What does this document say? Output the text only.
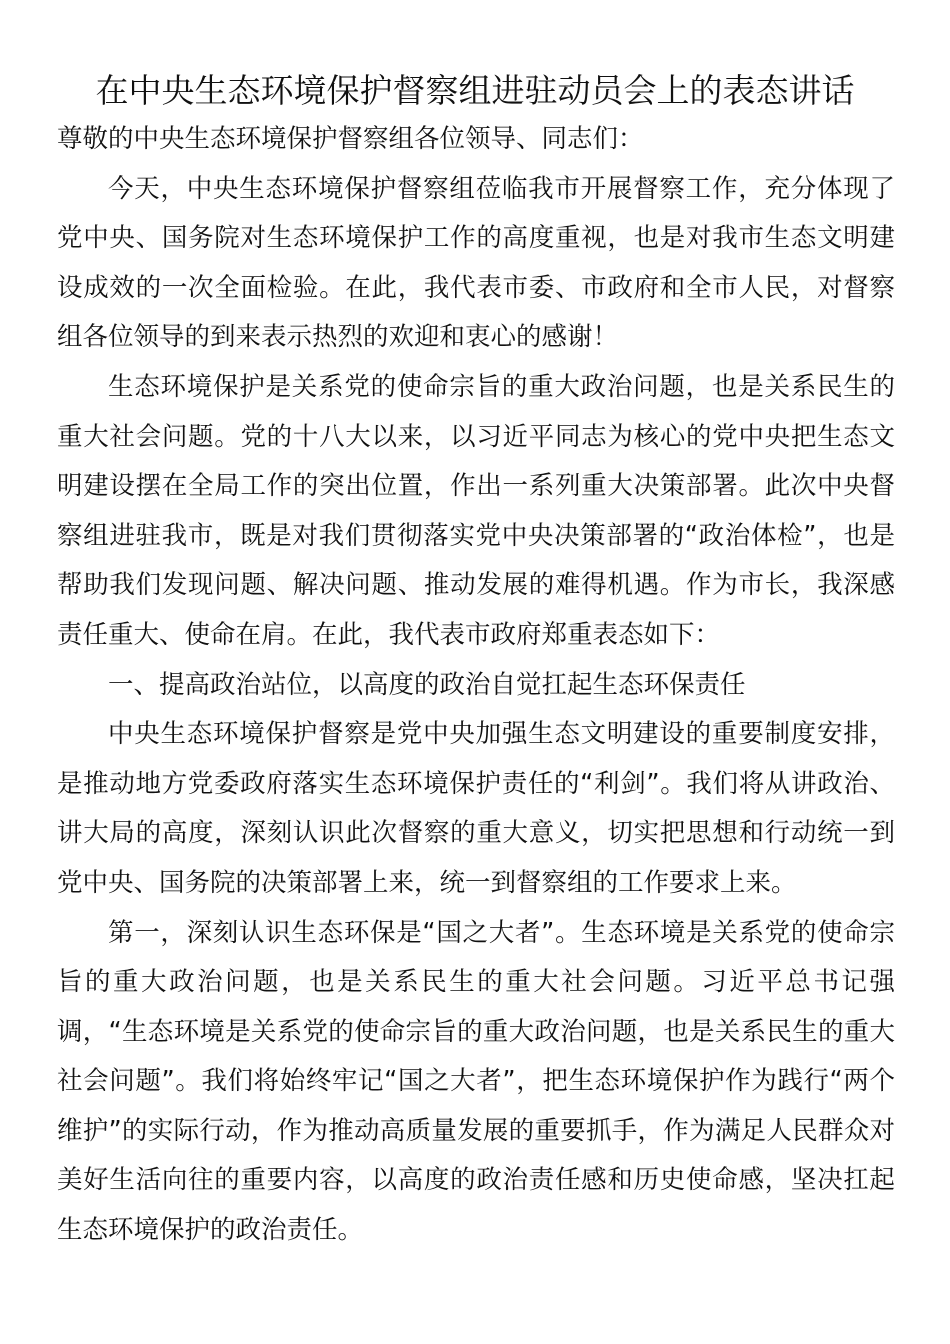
在中央生态环境保护督察组进驻动员会上的表态讲话

尊敬的中央生态环境保护督察组各位领导、同志们：

今天，中央生态环境保护督察组莅临我市开展督察工作，充分体现了党中央、国务院对生态环境保护工作的高度重视，也是对我市生态文明建设成效的一次全面检验。在此，我代表市委、市政府和全市人民，对督察组各位领导的到来表示热烈的欢迎和衷心的感谢！

生态环境保护是关系党的使命宗旨的重大政治问题，也是关系民生的重大社会问题。党的十八大以来，以习近平同志为核心的党中央把生态文明建设摆在全局工作的突出位置，作出一系列重大决策部署。此次中央督察组进驻我市，既是对我们贯彻落实党中央决策部署的“政治体检”，也是帮助我们发现问题、解决问题、推动发展的难得机遇。作为市长，我深感责任重大、使命在肩。在此，我代表市政府郑重表态如下：

一、提高政治站位，以高度的政治自觉扛起生态环保责任

中央生态环境保护督察是党中央加强生态文明建设的重要制度安排，是推动地方党委政府落实生态环境保护责任的“利剑”。我们将从讲政治、讲大局的高度，深刻认识此次督察的重大意义，切实把思想和行动统一到党中央、国务院的决策部署上来，统一到督察组的工作要求上来。

第一，深刻认识生态环保是“国之大者”。生态环境是关系党的使命宗旨的重大政治问题，也是关系民生的重大社会问题。习近平总书记强调，“生态环境是关系党的使命宗旨的重大政治问题，也是关系民生的重大社会问题”。我们将始终牢记“国之大者”，把生态环境保护作为践行“两个维护”的实际行动，作为推动高质量发展的重要抓手，作为满足人民群众对美好生活向往的重要内容，以高度的政治责任感和历史使命感，坚决扛起生态环境保护的政治责任。
